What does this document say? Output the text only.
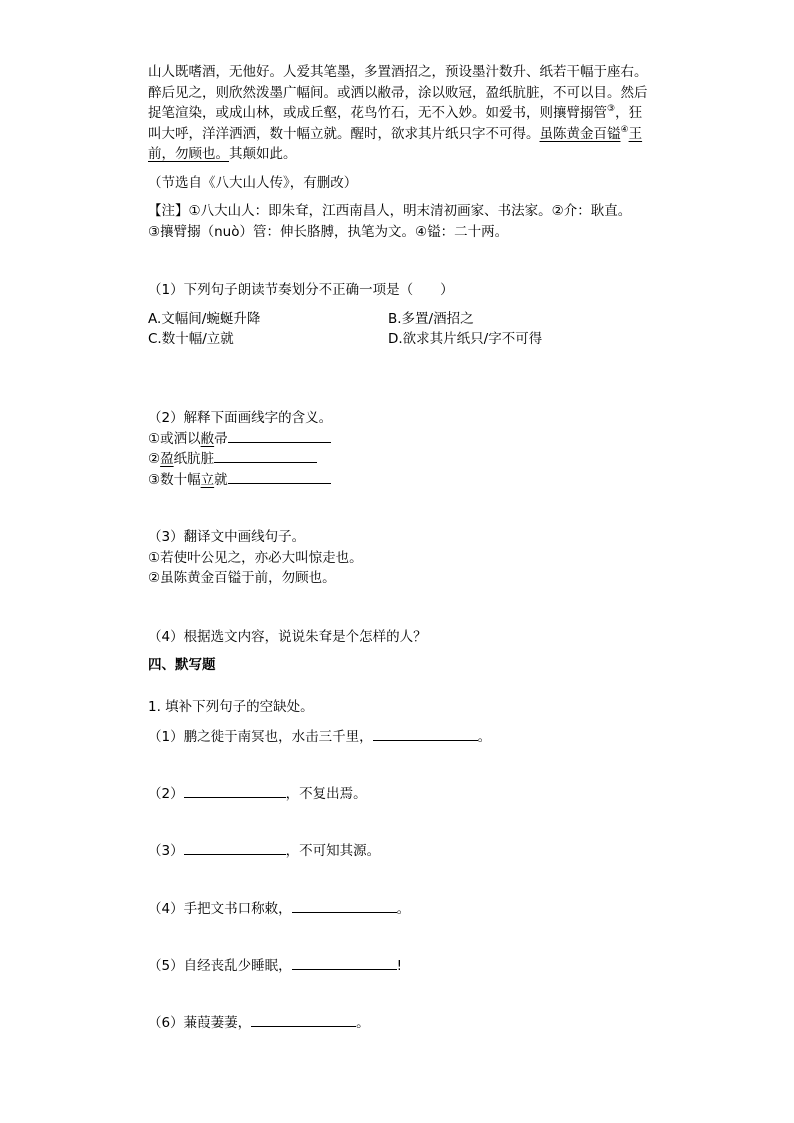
山人既嗜酒，无他好。人爱其笔墨，多置酒招之，预设墨汁数升、纸若干幅于座右。
醉后见之，则欣然泼墨广幅间。或洒以敝帚，涂以败冠，盈纸肮脏，不可以目。然后
捉笔渲染，或成山林，或成丘壑，花鸟竹石，无不入妙。如爱书，则攘臂搦管③，狂
叫大呼，洋洋洒洒，数十幅立就。醒时，欲求其片纸只字不可得。虽陈黄金百镒④王
前，勿顾也。其颠如此。
（节选自《八大山人传》，有删改）
【注】①八大山人：即朱耷，江西南昌人，明末清初画家、书法家。②介：耿直。
③攘臂搦（nuò）管：伸长胳膊，执笔为文。④镒：二十两。
（1）下列句子朗读节奏划分不正确一项是（　　）
A.文幅间/蜿蜒升降	B.多置/酒招之
C.数十幅/立就	D.欲求其片纸只/字不可得
（2）解释下面画线字的含义。
①或洒以敝帚
②盈纸肮脏
③数十幅立就
（3）翻译文中画线句子。
①若使叶公见之，亦必大叫惊走也。
②虽陈黄金百镒于前，勿顾也。
（4）根据选文内容，说说朱耷是个怎样的人？
四、默写题
1. 填补下列句子的空缺处。
（1）鹏之徙于南冥也，水击三千里，	。
（2）	，不复出焉。
（3）	，不可知其源。
（4）手把文书口称敕，	。
（5）自经丧乱少睡眠，	!
（6）蒹葭萋萋，	。
